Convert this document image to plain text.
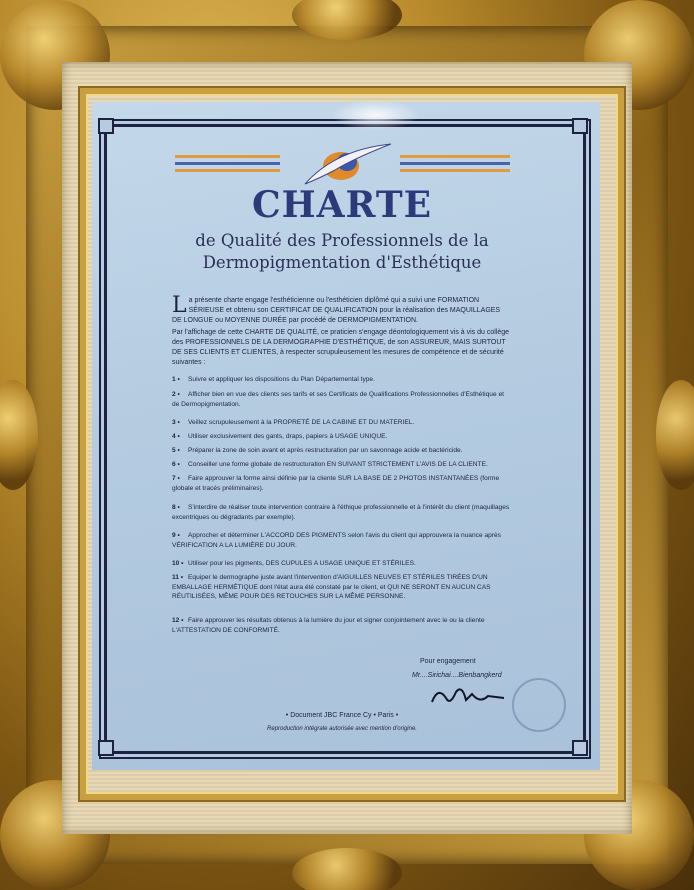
CHARTE
de Qualité des Professionnels de la
Dermopigmentation d'Esthétique
L a présente charte engage l'esthéticienne ou l'esthéticien diplômé qui a suivi une FORMATION SÉRIEUSE et obtenu son CERTIFICAT DE QUALIFICATION pour la réalisation des MAQUILLAGES DE LONGUE ou MOYENNE DURÉE par procédé de DERMOPIGMENTATION.
Par l'affichage de cette CHARTE DE QUALITÉ, ce praticien s'engage déontologiquement vis à vis du collège des PROFESSIONNELS DE LA DERMOGRAPHIE D'ESTHÉTIQUE, de son ASSUREUR, MAIS SURTOUT DE SES CLIENTS ET CLIENTES, à respecter scrupuleusement les mesures de compétence et de sécurité suivantes :
1 • Suivre et appliquer les dispositions du Plan Départemental type.
2 • Afficher bien en vue des clients ses tarifs et ses Certificats de Qualifications Professionnelles d'Esthétique et de Dermopigmentation.
3 • Veillez scrupuleusement à la PROPRETÉ DE LA CABINE ET DU MATERIEL.
4 • Utiliser exclusivement des gants, draps, papiers à USAGE UNIQUE.
5 • Préparer la zone de soin avant et après restructuration par un savonnage acide et bactéricide.
6 • Conseiller une forme globale de restructuration EN SUIVANT STRICTEMENT L'AVIS DE LA CLIENTE.
7 • Faire approuver la forme ainsi définie par la cliente SUR LA BASE DE 2 PHOTOS INSTANTANÉES (forme globale et tracés préliminaires).
8 • S'interdire de réaliser toute intervention contraire à l'éthique professionnelle et à l'intérêt du client (maquillages excentriques ou dégradants par exemple).
9 • Approcher et déterminer L'ACCORD DES PIGMENTS selon l'avis du client qui approuvera la nuance après VÉRIFICATION A LA LUMIÈRE DU JOUR.
10 • Utiliser pour les pigments, DES CUPULES A USAGE UNIQUE ET STÉRILES.
11 • Equiper le dermographe juste avant l'intervention d'AIGUILLES NEUVES ET STÉRILES TIRÉES D'UN EMBALLAGE HERMÉTIQUE dont l'état aura été constaté par le client, et QUI NE SERONT EN AUCUN CAS RÉUTILISÉES, MÊME POUR DES RETOUCHES SUR LA MÊME PERSONNE.
12 • Faire approuver les résultats obtenus à la lumière du jour et signer conjointement avec le ou la cliente L'ATTESTATION DE CONFORMITÉ.
Pour engagement
Mr....Sirichai....Bienbangkerd
• Document JBC France Cy • Paris •
Reproduction intégrale autorisée avec mention d'origine.
